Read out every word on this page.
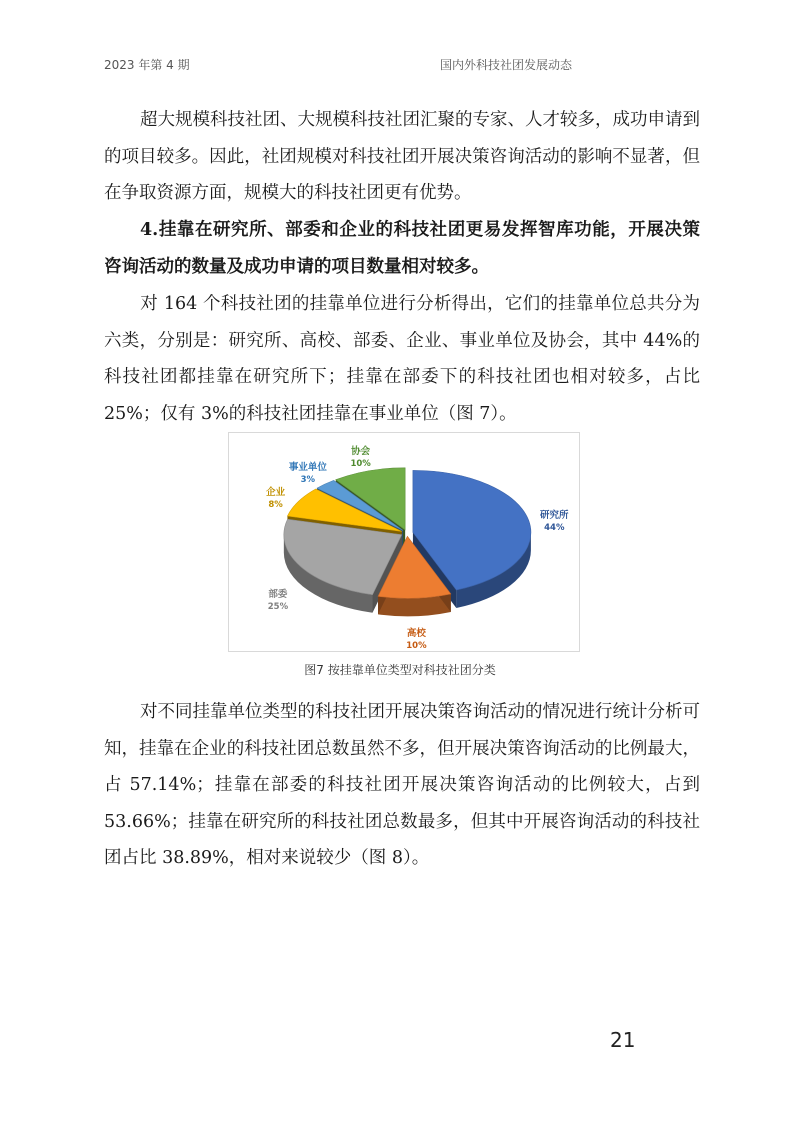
2023 年第 4 期	国内外科技社团发展动态

超大规模科技社团、大规模科技社团汇聚的专家、人才较多，成功申请到的项目较多。因此，社团规模对科技社团开展决策咨询活动的影响不显著，但在争取资源方面，规模大的科技社团更有优势。

4.挂靠在研究所、部委和企业的科技社团更易发挥智库功能，开展决策咨询活动的数量及成功申请的项目数量相对较多。

对 164 个科技社团的挂靠单位进行分析得出，它们的挂靠单位总共分为六类，分别是：研究所、高校、部委、企业、事业单位及协会，其中 44%的科技社团都挂靠在研究所下；挂靠在部委下的科技社团也相对较多，占比 25%；仅有 3%的科技社团挂靠在事业单位（图 7）。

研究所
44%
高校
10%
部委
25%
企业
8%
事业单位
3%
协会
10%
图7 按挂靠单位类型对科技社团分类

对不同挂靠单位类型的科技社团开展决策咨询活动的情况进行统计分析可知，挂靠在企业的科技社团总数虽然不多，但开展决策咨询活动的比例最大，占 57.14%；挂靠在部委的科技社团开展决策咨询活动的比例较大，占到 53.66%；挂靠在研究所的科技社团总数最多，但其中开展咨询活动的科技社团占比 38.89%，相对来说较少（图 8）。

21
